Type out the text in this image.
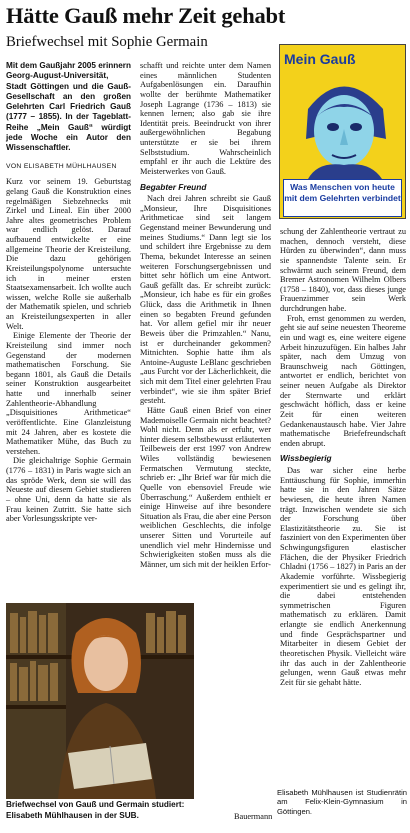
Hätte Gauß mehr Zeit gehabt
Briefwechsel mit Sophie Germain
Mit dem Gaußjahr 2005 erinnern Georg-August-Universität, Stadt Göttingen und die Gauß-Gesellschaft an den großen Gelehrten Carl Friedrich Gauß (1777 – 1855). In der Tageblatt-Reihe „Mein Gauß“ würdigt jede Woche ein Autor den Wissenschaftler.
VON ELISABETH MÜHLHAUSEN

Kurz vor seinem 19. Geburtstag gelang Gauß die Konstruktion eines regelmäßigen Siebzehnecks mit Zirkel und Lineal. Ein über 2000 Jahre altes geometrisches Problem war endlich gelöst. Darauf aufbauend entwickelte er eine allgemeine Theorie der Kreisteilung. Die dazu gehörigen Kreisteilungspolynome untersuchte ich in meiner ersten Staatsexamensarbeit. Ich wollte auch wissen, welche Rolle sie außerhalb der Mathematik spielen, und schrieb an Kreisteilungsexperten in aller Welt.

Einige Elemente der Theorie der Kreisteilung sind immer noch Gegenstand der modernen mathematischen Forschung. Sie begann 1801, als Gauß die Details seiner Konstruktion ausgearbeitet hatte und innerhalb seiner Zahlentheorie-Abhandlung „Disquisitiones Arithmeticae“ veröffentlichte. Eine Glanzleistung mit 24 Jahren, aber es kostete die Mathematiker Mühe, das Buch zu verstehen.

Die gleichaltrige Sophie Germain (1776 – 1831) in Paris wagte sich an das spröde Werk, denn sie will das Neueste auf diesem Gebiet studieren – ohne Uni, denn da hatte sie als Frau keinen Zutritt. Sie hatte sich aber Vorlesungsskripte ver-

schafft und reichte unter dem Namen eines männlichen Studenten Aufgabenlösungen ein. Daraufhin wollte der berühmte Mathematiker Joseph Lagrange (1736 – 1813) sie kennen lernen; also gab sie ihre Identität preis. Beeindruckt von ihrer außergewöhnlichen Begabung unterstützte er sie bei ihrem Selbststudium. Wahrscheinlich empfahl er ihr auch die Lektüre des Meisterwerkes von Gauß.

Begabter Freund

Nach drei Jahren schreibt sie Gauß „Monsieur, Ihre Disquisitiones Arithmeticae sind seit langem Gegenstand meiner Bewunderung und meines Studiums.“ Dann legt sie los und schildert ihre Ergebnisse zu dem Thema, bekundet Interesse an seinen weiteren Forschungsergebnissen und bittet sehr höflich um eine Antwort. Gauß gefällt das. Er schreibt zurück: „Monsieur, ich habe es für ein großes Glück, dass die Arithmetik in Ihnen einen so begabten Freund gefunden hat. Vor allem gefiel mir ihr neuer Beweis über die Primzahlen.“ Nanu, ist er durcheinander gekommen? Mitnichten. Sophie hatte ihm als Antoine-Auguste LeBlanc geschrieben „aus Furcht vor der Lächerlichkeit, die sich mit dem Titel einer gelehrten Frau verbindet“, wie sie ihm später Brief gesteht.

Hätte Gauß einen Brief von einer Mademoiselle Germain nicht beachtet? Wohl nicht. Denn als er erfuhr, wer hinter diesem selbstbewusst erläuterten Teilbeweis der erst 1997 von Andrew Wiles vollständig bewiesenen Fermatschen Vermutung steckte, schrieb er: „Ihr Brief war für mich die Quelle von ebensoviel Freude wie Überraschung.“ Außerdem enthielt er einige Hinweise auf ihre besondere Situation als Frau, die aber eine Person weiblichen Geschlechts, die infolge unserer Sitten und Vorurteile auf unendlich viel mehr Hindernisse und Schwierigkeiten stoßen muss als die Männer, um sich mit der heiklen Erfor-

schung der Zahlentheorie vertraut zu machen, dennoch versteht, diese Hürden zu überwinden“, dann muss sie spannendste Talente sein. Er schwärmt auch seinem Freund, dem Bremer Astronomen Wilhelm Olbers (1758 – 1840), vor, dass dieses junge Frauenzimmer sein Werk durchdrungen habe.

Froh, ernst genommen zu werden, geht sie auf seine neuesten Theoreme ein und wagt es, eine weitere eigene Arbeit hinzuzufügen. Ein halbes Jahr später, nach dem Umzug von Braunschweig nach Göttingen, antwortet er endlich, berichtet von seiner neuen Aufgabe als Direktor der Sternwarte und erklärt geschwächt höflich, dass er keine Zeit für einen weiteren Gedankenaustausch habe. Vier Jahre mathematische Briefefreundschaft enden abrupt.

Wissbegierig

Das war sicher eine herbe Enttäuschung für Sophie, immerhin hatte sie in den Jahren Sätze bewiesen, die heute ihren Namen trägt. Inzwischen wendete sie sich der Forschung über Elastizitätstheorie zu. Sie ist fasziniert von den Experimenten über Schwingungsfiguren elastischer Flächen, die der Physiker Friedrich Chladni (1756 – 1827) in Paris an der Akademie vorführte. Wissbegierig experimentiert sie und es gelingt ihr, die dabei entstehenden symmetrischen Figuren mathematisch zu erklären. Damit erlangte sie endlich Anerkennung und finde Gesprächspartner und Mitarbeiter in diesem Gebiet der theoretischen Physik. Vielleicht wäre ihr das auch in der Zahlentheorie gelungen, wenn Gauß etwas mehr Zeit für sie gehabt hätte.

Mein Gauß
Was Menschen von heute mit dem Gelehrten verbindet
Briefwechsel von Gauß und Germain studiert: Elisabeth Mühlhausen in der SUB.	Bauermann
Elisabeth Mühlhausen ist Studienrätin am Felix-Klein-Gymnasium in Göttingen.
